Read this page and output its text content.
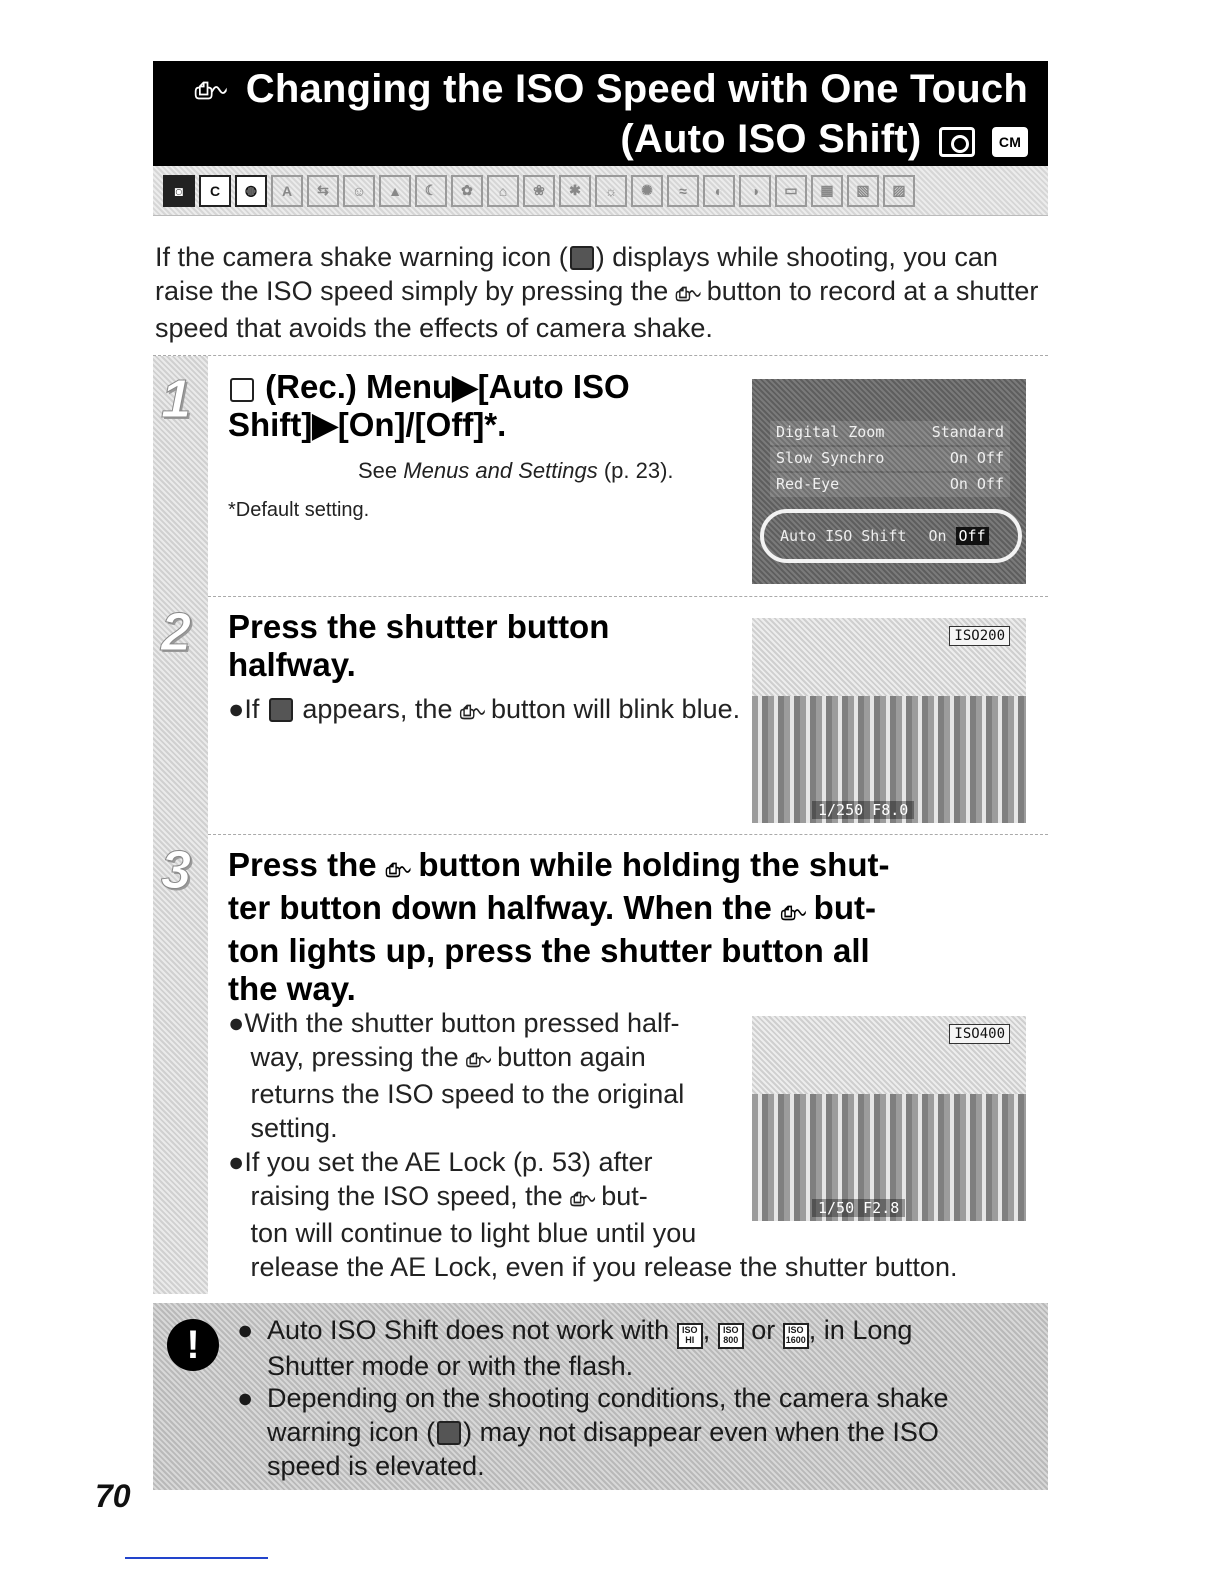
⎙∿ Changing the ISO Speed with One Touch
(Auto ISO Shift)	CM
◙	C	◍	A	⇆	☺	▲	☾	✿	⌂	❀	✱	☼	✺	≈	◐	◑	▭	▦	▧	▨

If the camera shake warning icon ( ) displays while shooting, you can raise the ISO speed simply by pressing the ⎙∿ button to record at a shutter speed that avoids the effects of camera shake.

1	(Rec.) Menu▶[Auto ISO
Shift]▶[On]/[Off]*.
See Menus and Settings (p. 23).
*Default setting.
Digital Zoom	Standard
Slow Synchro	On Off
Red-Eye	On Off
Auto ISO Shift On Off
2 Press the shutter button halfway.
●If appears, the ⎙∿ button will blink blue.
ISO200
1/250 F8.0
3 Press the ⎙∿ button while holding the shut-
ter button down halfway. When the ⎙∿ but-
ton lights up, press the shutter button all
the way.
●With the shutter button pressed half-
way, pressing the ⎙∿ button again
returns the ISO speed to the original
setting.
●If you set the AE Lock (p. 53) after
raising the ISO speed, the ⎙∿ but-
ton will continue to light blue until you
release the AE Lock, even if you release the shutter button.
ISO400
1/50 F2.8
!	● Auto ISO Shift does not work with ISO HI , ISO 800 or ISO 1600 , in Long
Shutter mode or with the flash.
● Depending on the shooting conditions, the camera shake
warning icon ( ) may not disappear even when the ISO
speed is elevated.
70
